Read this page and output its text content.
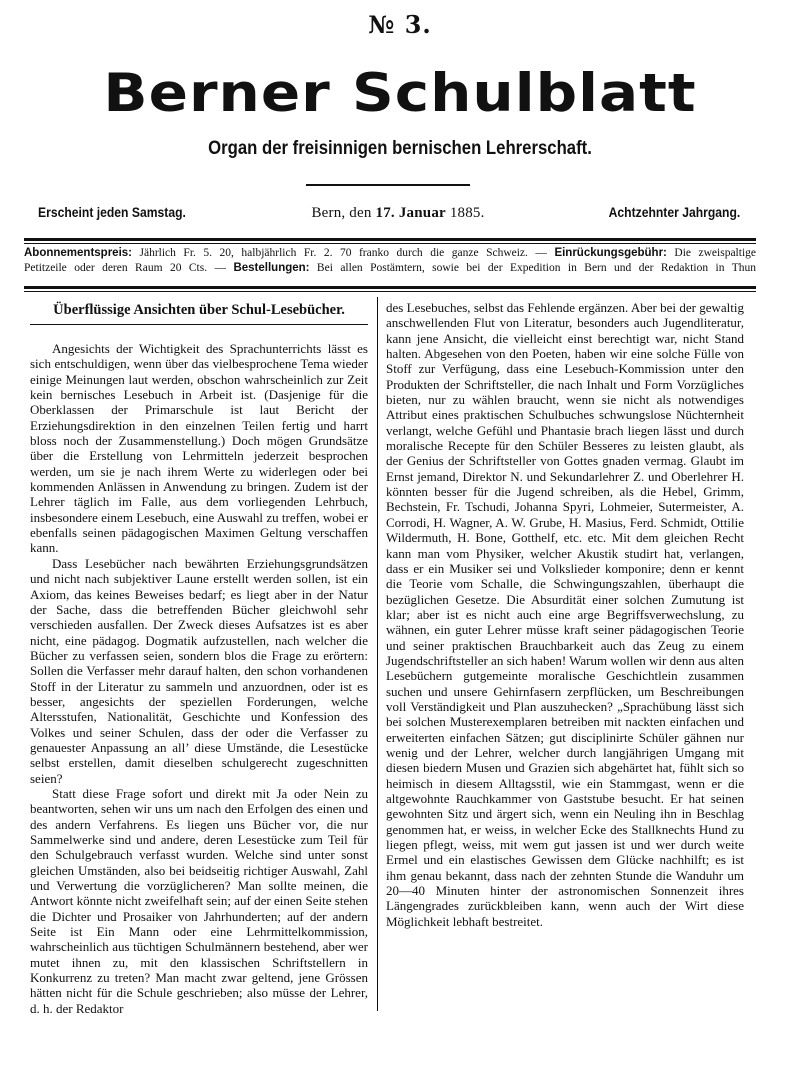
№ 3.
Berner Schulblatt
Organ der freisinnigen bernischen Lehrerschaft.
Erscheint jeden Samstag.	Bern, den 17. Januar 1885.	Achtzehnter Jahrgang.

Abonnementspreis: Jährlich Fr. 5. 20, halbjährlich Fr. 2. 70 franko durch die ganze Schweiz. — Einrückungsgebühr: Die zweispaltige

Petitzeile oder deren Raum 20 Cts. — Bestellungen: Bei allen Postämtern, sowie bei der Expedition in Bern und der Redaktion in Thun

Überflüssige Ansichten über Schul-Lesebücher.

Angesichts der Wichtigkeit des Sprachunterrichts lässt es sich entschuldigen, wenn über das vielbesprochene Tema wieder einige Meinungen laut werden, obschon wahrscheinlich zur Zeit kein bernisches Lesebuch in Arbeit ist. (Dasjenige für die Oberklassen der Primarschule ist laut Bericht der Erziehungsdirektion in den einzelnen Teilen fertig und harrt bloss noch der Zusammenstellung.) Doch mögen Grundsätze über die Erstellung von Lehrmitteln jederzeit besprochen werden, um sie je nach ihrem Werte zu widerlegen oder bei kommenden Anlässen in Anwendung zu bringen. Zudem ist der Lehrer täglich im Falle, aus dem vorliegenden Lehrbuch, insbesondere einem Lesebuch, eine Auswahl zu treffen, wobei er ebenfalls seinen pädagogischen Maximen Geltung verschaffen kann.

Dass Lesebücher nach bewährten Erziehungsgrundsätzen und nicht nach subjektiver Laune erstellt werden sollen, ist ein Axiom, das keines Beweises bedarf; es liegt aber in der Natur der Sache, dass die betreffenden Bücher gleichwohl sehr verschieden ausfallen. Der Zweck dieses Aufsatzes ist es aber nicht, eine pädagog. Dogmatik aufzustellen, nach welcher die Bücher zu verfassen seien, sondern blos die Frage zu erörtern: Sollen die Verfasser mehr darauf halten, den schon vorhandenen Stoff in der Literatur zu sammeln und anzuordnen, oder ist es besser, angesichts der speziellen Forderungen, welche Altersstufen, Nationalität, Geschichte und Konfession des Volkes und seiner Schulen, dass der oder die Verfasser zu genauester Anpassung an all’ diese Umstände, die Lesestücke selbst erstellen, damit dieselben schulgerecht zugeschnitten seien?

Statt diese Frage sofort und direkt mit Ja oder Nein zu beantworten, sehen wir uns um nach den Erfolgen des einen und des andern Verfahrens. Es liegen uns Bücher vor, die nur Sammelwerke sind und andere, deren Lesestücke zum Teil für den Schulgebrauch verfasst wurden. Welche sind unter sonst gleichen Umständen, also bei beidseitig richtiger Auswahl, Zahl und Verwertung die vorzüglicheren? Man sollte meinen, die Antwort könnte nicht zweifelhaft sein; auf der einen Seite stehen die Dichter und Prosaiker von Jahrhunderten; auf der andern Seite ist Ein Mann oder eine Lehrmittelkommission, wahrscheinlich aus tüchtigen Schulmännern bestehend, aber wer mutet ihnen zu, mit den klassischen Schriftstellern in Konkurrenz zu treten? Man macht zwar geltend, jene Grössen hätten nicht für die Schule geschrieben; also müsse der Lehrer, d. h. der Redaktor

des Lesebuches, selbst das Fehlende ergänzen. Aber bei der gewaltig anschwellenden Flut von Literatur, besonders auch Jugendliteratur, kann jene Ansicht, die vielleicht einst berechtigt war, nicht Stand halten. Abgesehen von den Poeten, haben wir eine solche Fülle von Stoff zur Verfügung, dass eine Lesebuch-Kommission unter den Produkten der Schriftsteller, die nach Inhalt und Form Vorzügliches bieten, nur zu wählen braucht, wenn sie nicht als notwendiges Attribut eines praktischen Schulbuches schwungslose Nüchternheit verlangt, welche Gefühl und Phantasie brach liegen lässt und durch moralische Recepte für den Schüler Besseres zu leisten glaubt, als der Genius der Schriftsteller von Gottes gnaden vermag. Glaubt im Ernst jemand, Direktor N. und Sekundarlehrer Z. und Oberlehrer H. könnten besser für die Jugend schreiben, als die Hebel, Grimm, Bechstein, Fr. Tschudi, Johanna Spyri, Lohmeier, Sutermeister, A. Corrodi, H. Wagner, A. W. Grube, H. Masius, Ferd. Schmidt, Ottilie Wildermuth, H. Bone, Gotthelf, etc. etc. Mit dem gleichen Recht kann man vom Physiker, welcher Akustik studirt hat, verlangen, dass er ein Musiker sei und Volkslieder komponire; denn er kennt die Teorie vom Schalle, die Schwingungszahlen, überhaupt die bezüglichen Gesetze. Die Absurdität einer solchen Zumutung ist klar; aber ist es nicht auch eine arge Begriffsverwechslung, zu wähnen, ein guter Lehrer müsse kraft seiner pädagogischen Teorie und seiner praktischen Brauchbarkeit auch das Zeug zu einem Jugendschriftsteller an sich haben! Warum wollen wir denn aus alten Lesebüchern gutgemeinte moralische Geschichtlein zusammen suchen und unsere Gehirnfasern zerpflücken, um Beschreibungen voll Verständigkeit und Plan auszuhecken? „Sprachübung lässt sich bei solchen Musterexemplaren betreiben mit nackten einfachen und erweiterten einfachen Sätzen; gut disciplinirte Schüler gähnen nur wenig und der Lehrer, welcher durch langjährigen Umgang mit diesen biedern Musen und Grazien sich abgehärtet hat, fühlt sich so heimisch in diesem Alltagsstil, wie ein Stammgast, wenn er die altgewohnte Rauchkammer von Gaststube besucht. Er hat seinen gewohnten Sitz und ärgert sich, wenn ein Neuling ihn in Beschlag genommen hat, er weiss, in welcher Ecke des Stallknechts Hund zu liegen pflegt, weiss, mit wem gut jassen ist und wer durch weite Ermel und ein elastisches Gewissen dem Glücke nachhilft; es ist ihm genau bekannt, dass nach der zehnten Stunde die Wanduhr um 20—40 Minuten hinter der astronomischen Sonnenzeit ihres Längengrades zurückbleiben kann, wenn auch der Wirt diese Möglichkeit lebhaft bestreitet.
